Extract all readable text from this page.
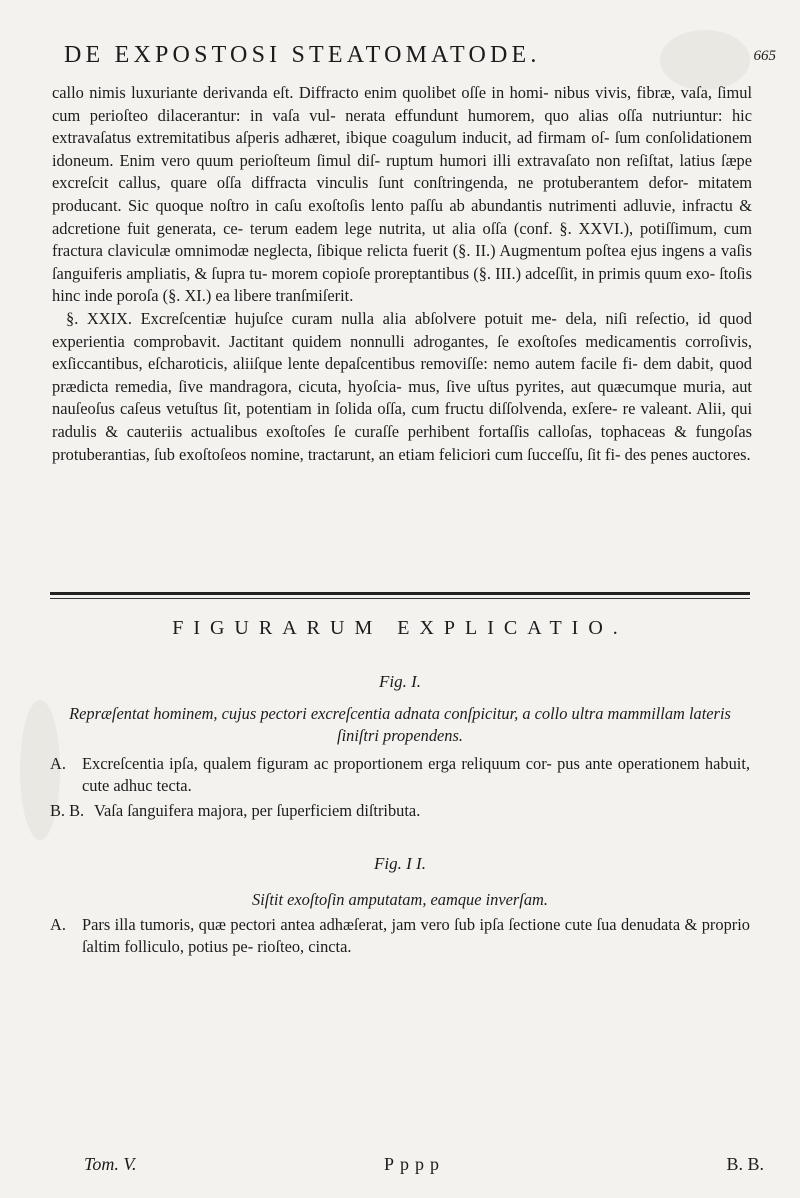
DE EXPOSTOSI STEATOMATODE.	665

callo nimis luxuriante derivanda eſt. Diffracto enim quolibet oſſe in homi- nibus vivis, fibræ, vaſa, ſimul cum perioſteo dilacerantur: in vaſa vul- nerata effundunt humorem, quo alias oſſa nutriuntur: hic extravaſatus extremitatibus aſperis adhæret, ibique coagulum inducit, ad firmam oſ- ſum conſolidationem idoneum. Enim vero quum perioſteum ſimul diſ- ruptum humori illi extravaſato non reſiſtat, latius ſæpe excreſcit callus, quare oſſa diffracta vinculis ſunt conſtringenda, ne protuberantem defor- mitatem producant. Sic quoque noſtro in caſu exoſtoſis lento paſſu ab abundantis nutrimenti adluvie, infractu & adcretione fuit generata, ce- terum eadem lege nutrita, ut alia oſſa (conf. §. XXVI.), potiſſimum, cum fractura claviculæ omnimodæ neglecta, ſibique relicta fuerit (§. II.) Augmentum poſtea ejus ingens a vaſis ſanguiferis ampliatis, & ſupra tu- morem copioſe proreptantibus (§. III.) adceſſit, in primis quum exo- ſtoſis hinc inde poroſa (§. XI.) ea libere tranſmiſerit.

§. XXIX. Excreſcentiæ hujuſce curam nulla alia abſolvere potuit me- dela, niſi reſectio, id quod experientia comprobavit. Jactitant quidem nonnulli adrogantes, ſe exoſtoſes medicamentis corroſivis, exſiccantibus, eſcharoticis, aliiſque lente depaſcentibus removiſſe: nemo autem facile fi- dem dabit, quod prædicta remedia, ſive mandragora, cicuta, hyoſcia- mus, ſive uſtus pyrites, aut quæcumque muria, aut nauſeoſus caſeus vetuſtus ſit, potentiam in ſolida oſſa, cum fructu diſſolvenda, exſere- re valeant. Alii, qui radulis & cauteriis actualibus exoſtoſes ſe curaſſe perhibent fortaſſis calloſas, tophaceas & fungoſas protuberantias, ſub exoſtoſeos nomine, tractarunt, an etiam feliciori cum ſucceſſu, ſit fi- des penes auctores.

FIGURARUM EXPLICATIO.
Fig. I.
Repræſentat hominem, cujus pectori excreſcentia adnata conſpicitur, a collo ultra mammillam lateris ſiniſtri propendens.
A. Excreſcentia ipſa, qualem figuram ac proportionem erga reliquum cor- pus ante operationem habuit, cute adhuc tecta.
B. B. Vaſa ſanguifera majora, per ſuperficiem diſtributa.
Fig. I I.
Siſtit exoſtoſin amputatam, eamque inverſam.
A. Pars illa tumoris, quæ pectori antea adhæſerat, jam vero ſub ipſa ſectione cute ſua denudata & proprio ſaltim folliculo, potius pe- rioſteo, cincta.
Tom. V.	Pppp	B. B.
